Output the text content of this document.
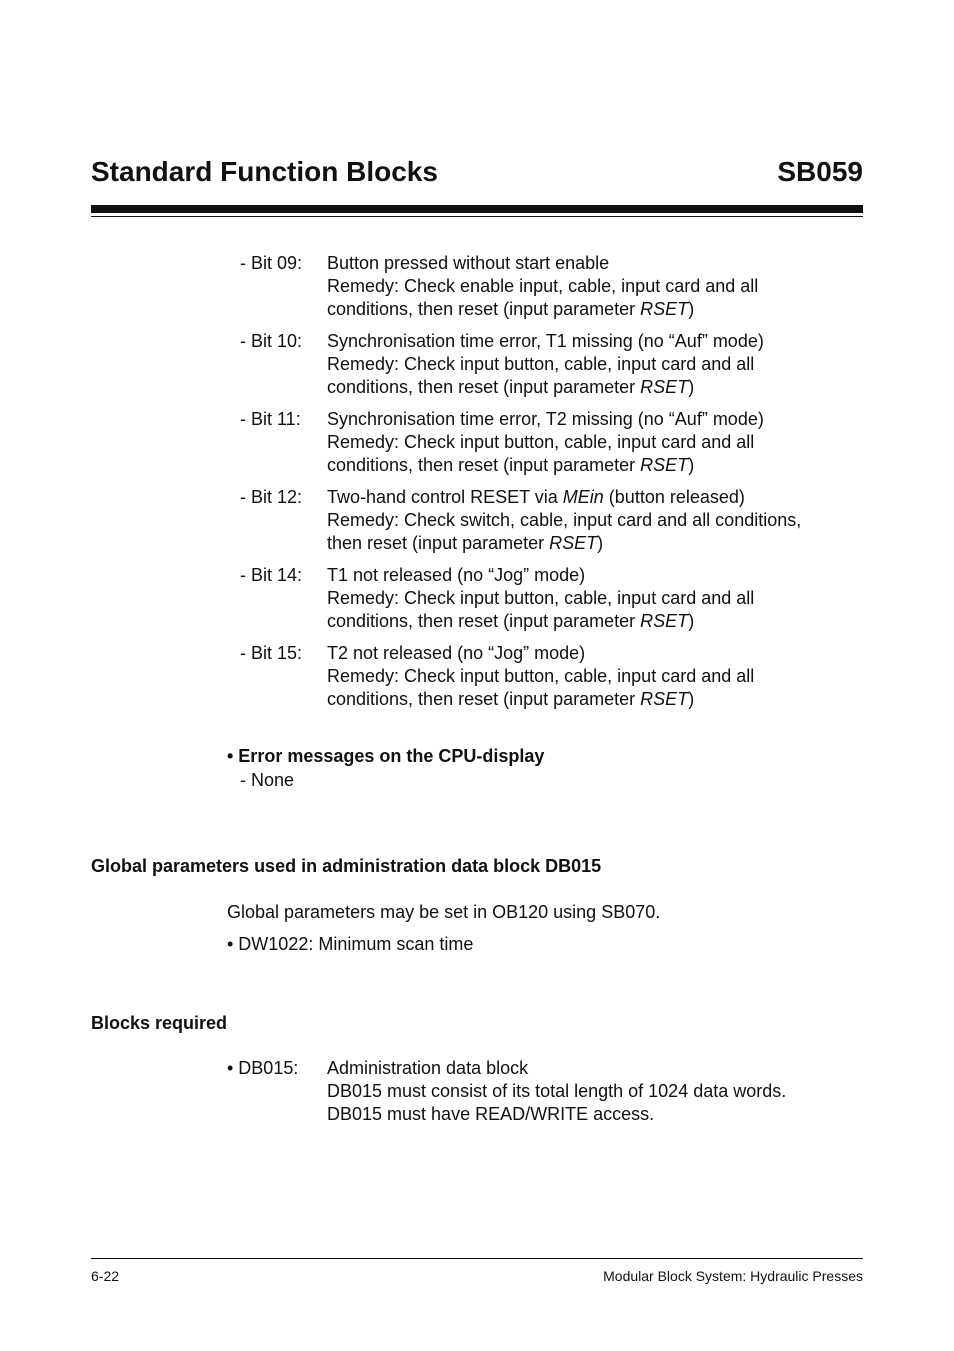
Standard Function Blocks	SB059
- Bit 09: Button pressed without start enable
Remedy: Check enable input, cable, input card and all
conditions, then reset (input parameter RSET)
- Bit 10: Synchronisation time error, T1 missing (no “Auf” mode)
Remedy: Check input button, cable, input card and all
conditions, then reset (input parameter RSET)
- Bit 11: Synchronisation time error, T2 missing (no “Auf” mode)
Remedy: Check input button, cable, input card and all
conditions, then reset (input parameter RSET)
- Bit 12: Two-hand control RESET via MEin (button released)
Remedy: Check switch, cable, input card and all conditions,
then reset (input parameter RSET)
- Bit 14: T1 not released (no “Jog” mode)
Remedy: Check input button, cable, input card and all
conditions, then reset (input parameter RSET)
- Bit 15: T2 not released (no “Jog” mode)
Remedy: Check input button, cable, input card and all
conditions, then reset (input parameter RSET)
• Error messages on the CPU-display
- None
Global parameters used in administration data block DB015
Global parameters may be set in OB120 using SB070.
• DW1022: Minimum scan time
Blocks required
• DB015: Administration data block
DB015 must consist of its total length of 1024 data words.
DB015 must have READ/WRITE access.
6-22	Modular Block System: Hydraulic Presses
